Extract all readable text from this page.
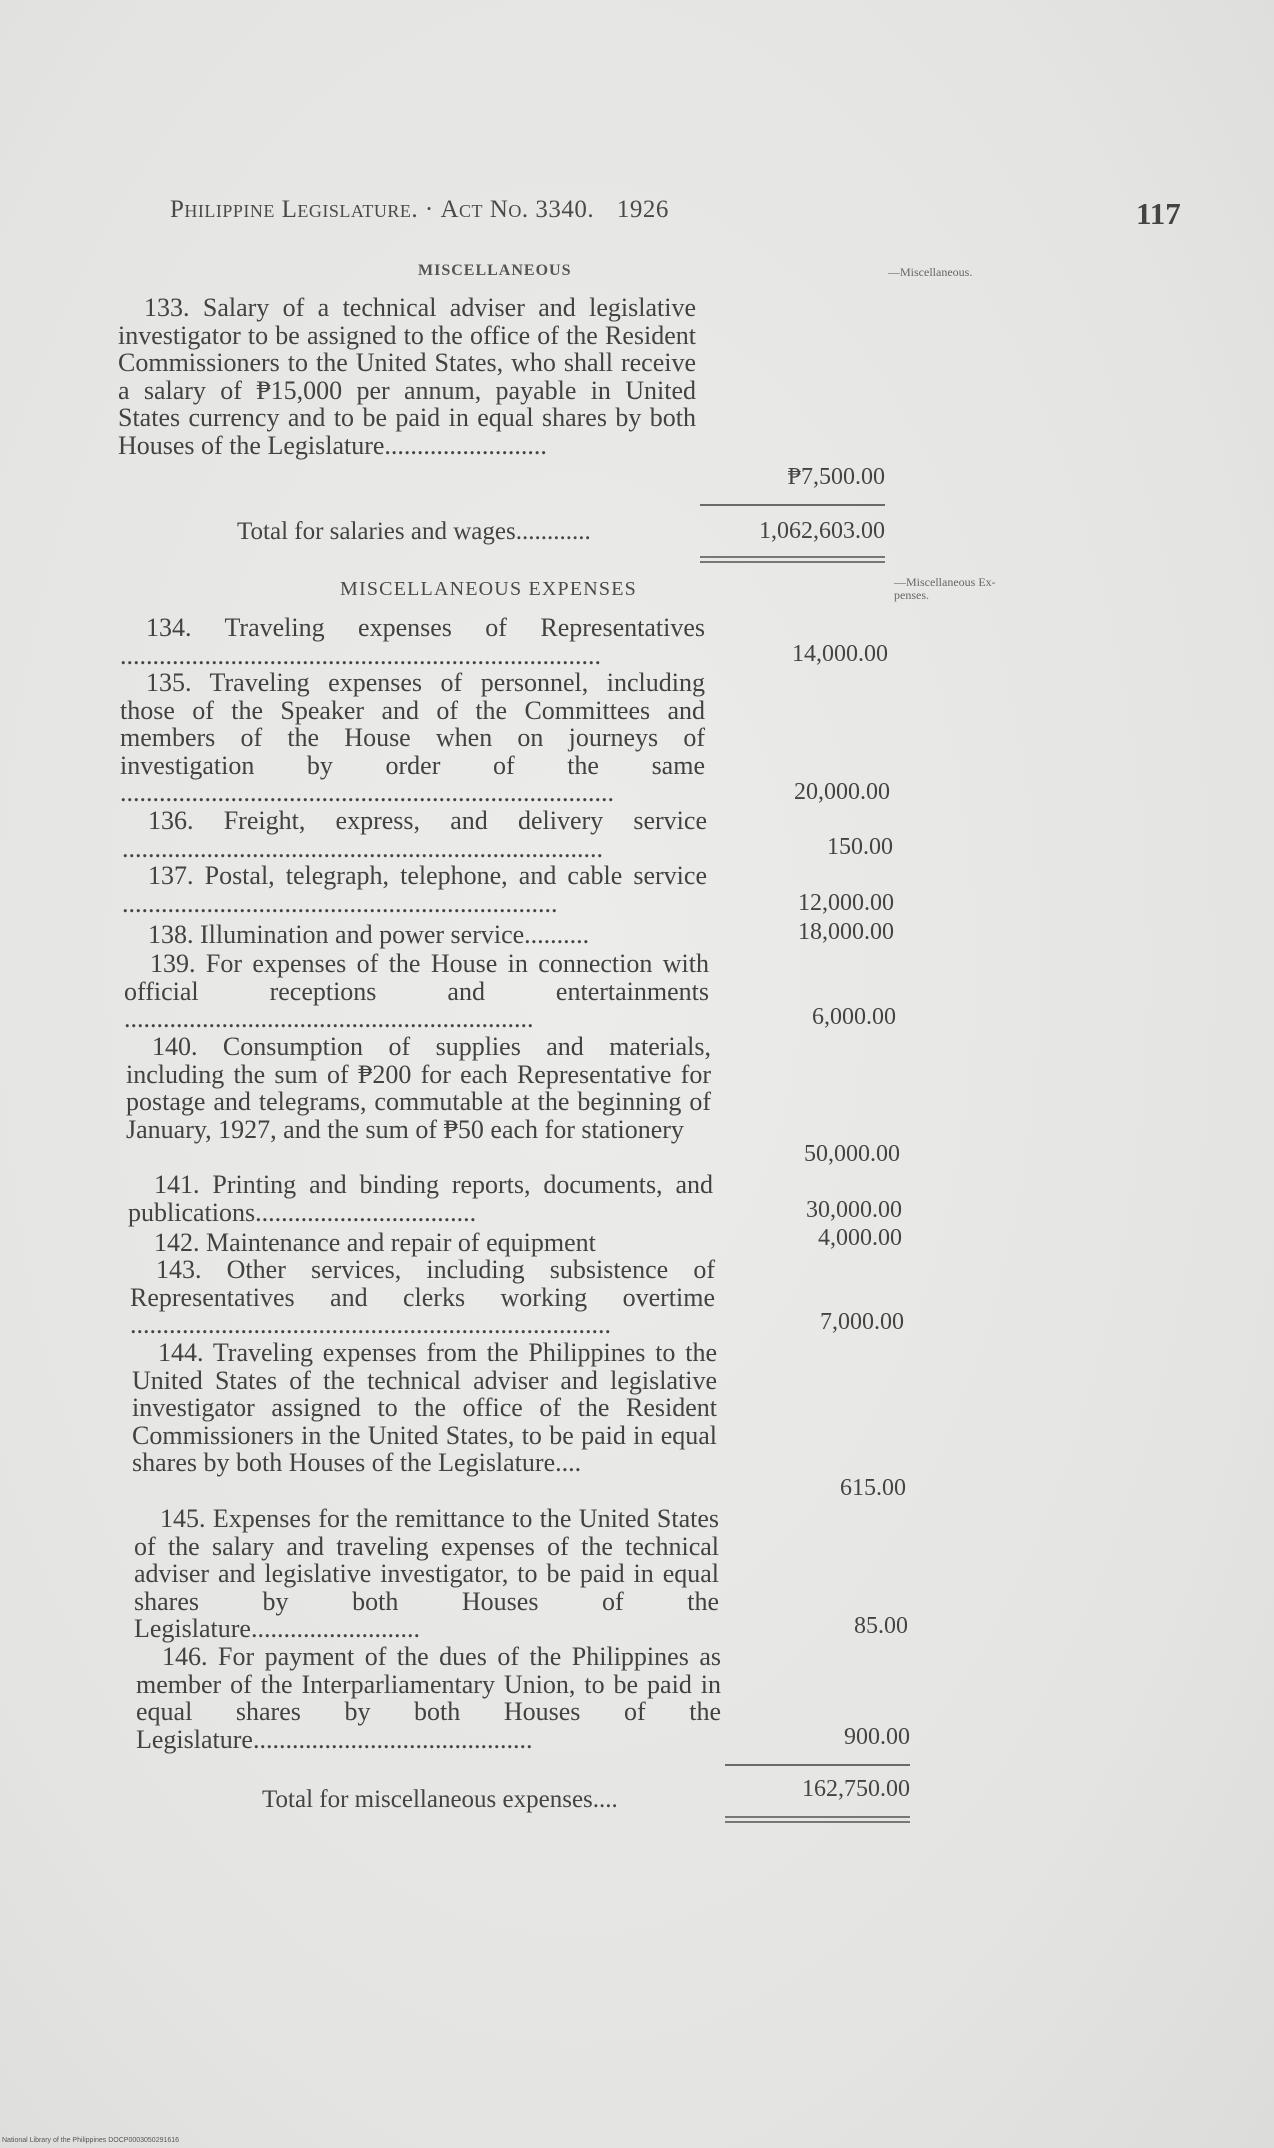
Philippine Legislature. · Act No. 3340. 1926	117
MISCELLANEOUS	—Miscellaneous.
133. Salary of a technical adviser and legislative investigator to be assigned to the office of the Resident Commissioners to the United States, who shall receive a salary of ₱15,000 per annum, payable in United States currency and to be paid in equal shares by both Houses of the Legislature.........................
₱7,500.00
Total for salaries and wages............	1,062,603.00
MISCELLANEOUS EXPENSES	—Miscellaneous Ex-
penses.
134. Traveling expenses of Representatives ..........................................................................	14,000.00
135. Traveling expenses of personnel, including those of the Speaker and of the Committees and members of the House when on journeys of investigation by order of the same ............................................................................	20,000.00
136. Freight, express, and delivery service ..........................................................................	150.00
137. Postal, telegraph, telephone, and cable service ...................................................................	12,000.00
138. Illumination and power service..........	18,000.00
139. For expenses of the House in connection with official receptions and entertainments ...............................................................	6,000.00
140. Consumption of supplies and materials, including the sum of ₱200 for each Representative for postage and telegrams, commutable at the beginning of January, 1927, and the sum of ₱50 each for stationery
50,000.00
141. Printing and binding reports, documents, and publications..................................	30,000.00
142. Maintenance and repair of equipment	4,000.00
143. Other services, including subsistence of Representatives and clerks working overtime ..........................................................................	7,000.00
144. Traveling expenses from the Philippines to the United States of the technical adviser and legislative investigator assigned to the office of the Resident Commissioners in the United States, to be paid in equal shares by both Houses of the Legislature....
615.00
145. Expenses for the remittance to the United States of the salary and traveling expenses of the technical adviser and legislative investigator, to be paid in equal shares by both Houses of the Legislature..........................	85.00
146. For payment of the dues of the Philippines as member of the Interparliamentary Union, to be paid in equal shares by both Houses of the Legislature...........................................	900.00
Total for miscellaneous expenses....	162,750.00
National Library of the Philippines DOCP0003050291616
